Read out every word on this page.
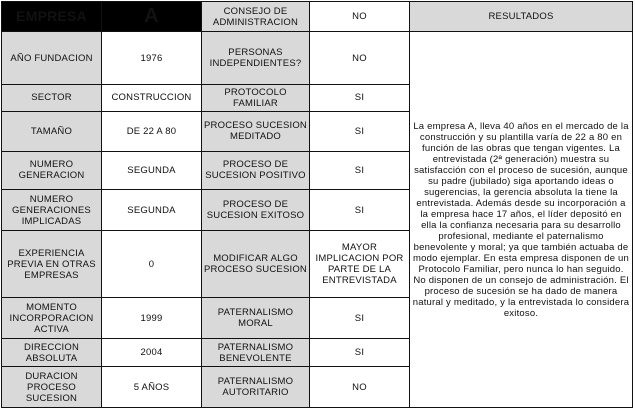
EMPRESA	A	CONSEJO DE ADMINISTRACION	NO	RESULTADOS
AÑO FUNDACION	1976	PERSONAS INDEPENDIENTES?	NO	La empresa A, lleva 40 años en el mercado de la construcción y su plantilla varía de 22 a 80 en función de las obras que tengan vigentes. La entrevistada (2ª generación) muestra su satisfacción con el proceso de sucesión, aunque su padre (jubilado) siga aportando ideas o sugerencias, la gerencia absoluta la tiene la entrevistada. Además desde su incorporación a la empresa hace 17 años, el líder depositó en ella la confianza necesaria para su desarrollo profesional, mediante el paternalismo benevolente y moral; ya que también actuaba de modo ejemplar. En esta empresa disponen de un Protocolo Familiar, pero nunca lo han seguido. No disponen de un consejo de administración. El proceso de sucesión se ha dado de manera natural y meditado, y la entrevistada lo considera exitoso.
SECTOR	CONSTRUCCION	PROTOCOLO FAMILIAR	SI	
TAMAÑO	DE 22 A 80	PROCESO SUCESION MEDITADO	SI	
NUMERO GENERACION	SEGUNDA	PROCESO DE SUCESION POSITIVO	SI	
NUMERO GENERACIONES IMPLICADAS	SEGUNDA	PROCESO DE SUCESION EXITOSO	SI	
EXPERIENCIA PREVIA EN OTRAS EMPRESAS	0	MODIFICAR ALGO PROCESO SUCESION	MAYOR IMPLICACION POR PARTE DE LA ENTREVISTADA	
MOMENTO INCORPORACION ACTIVA	1999	PATERNALISMO MORAL	SI	
DIRECCION ABSOLUTA	2004	PATERNALISMO BENEVOLENTE	SI	
DURACION PROCESO SUCESION	5 AÑOS	PATERNALISMO AUTORITARIO	NO	
